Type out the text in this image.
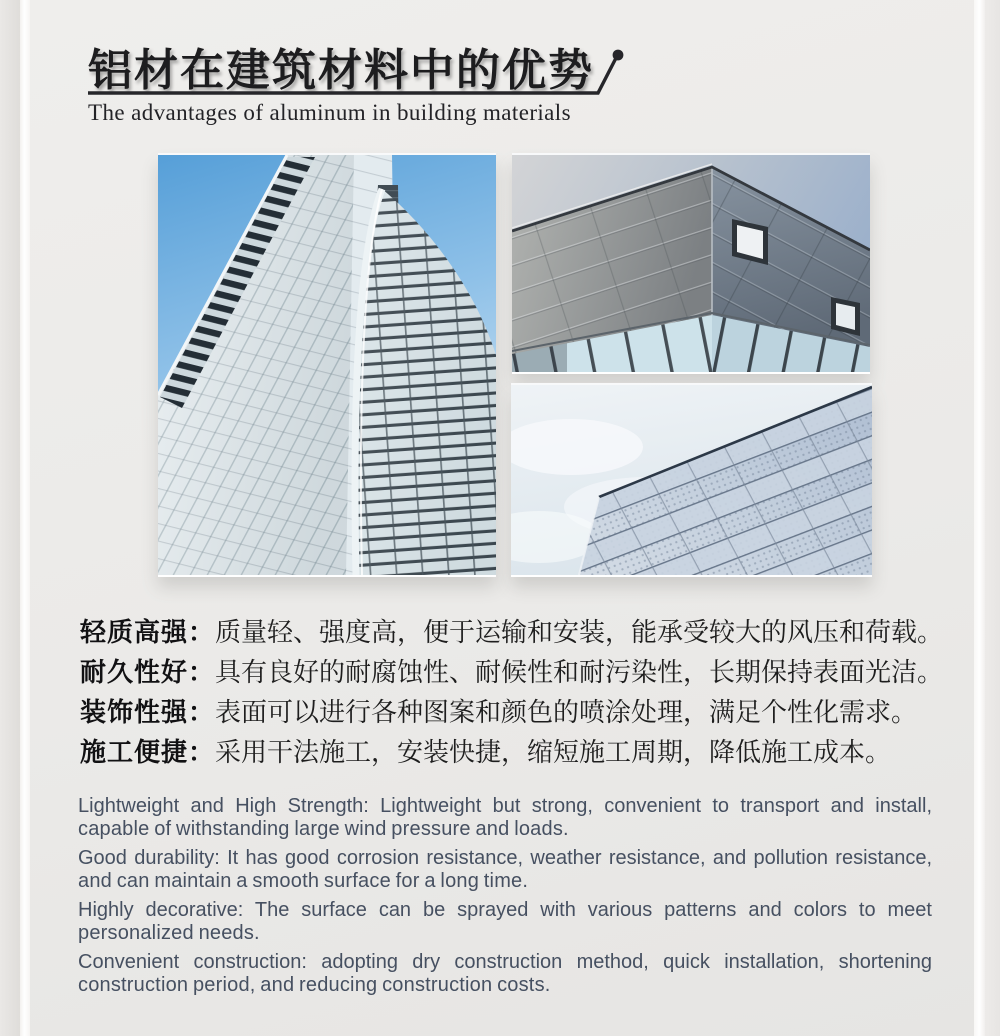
铝材在建筑材料中的优势
The advantages of aluminum in building materials
轻质高强：质量轻、强度高，便于运输和安装，能承受较大的风压和荷载。
耐久性好：具有良好的耐腐蚀性、耐候性和耐污染性，长期保持表面光洁。
装饰性强：表面可以进行各种图案和颜色的喷涂处理，满足个性化需求。
施工便捷：采用干法施工，安装快捷，缩短施工周期，降低施工成本。
Lightweight and High Strength: Lightweight but strong, convenient to transport and install,
capable of withstanding large wind pressure and loads.
Good durability: It has good corrosion resistance, weather resistance, and pollution resistance,
and can maintain a smooth surface for a long time.
Highly decorative: The surface can be sprayed with various patterns and colors to meet
personalized needs.
Convenient construction: adopting dry construction method, quick installation, shortening
construction period, and reducing construction costs.
